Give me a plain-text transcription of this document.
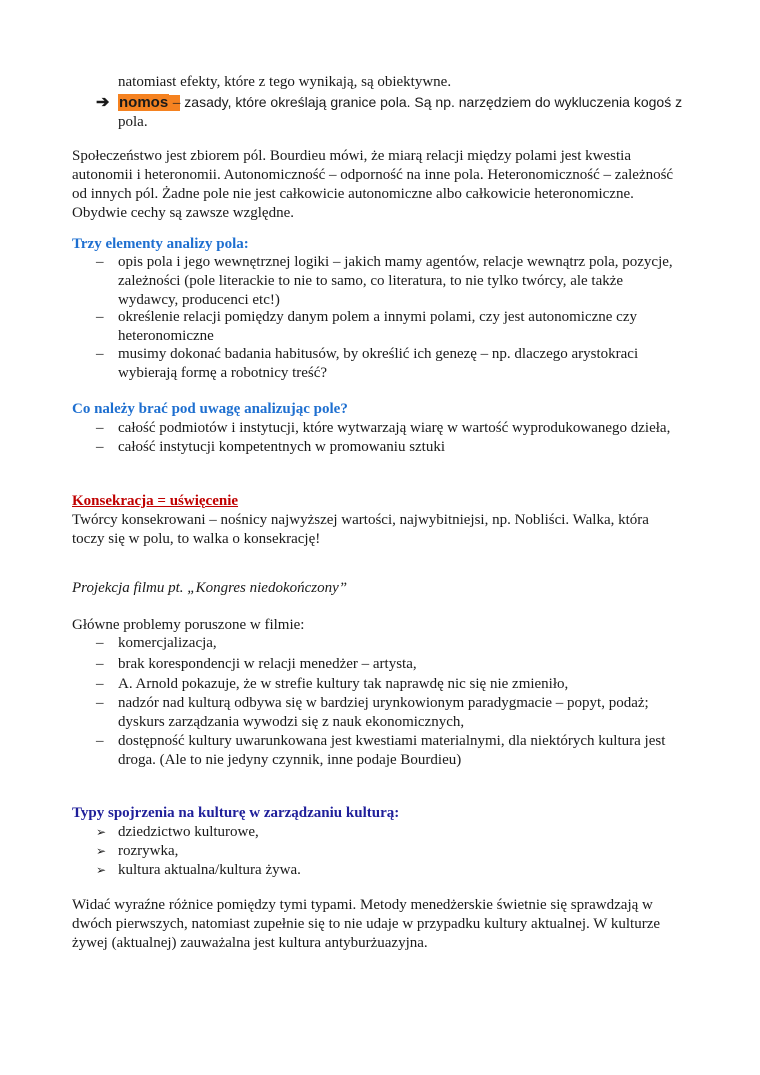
natomiast efekty, które z tego wynikają, są obiektywne.
➔ nomos – zasady, które określają granice pola. Są np. narzędziem do wykluczenia kogoś z
pola.
Społeczeństwo jest zbiorem pól. Bourdieu mówi, że miarą relacji między polami jest kwestia
autonomii i heteronomii. Autonomiczność – odporność na inne pola. Heteronomiczność – zależność
od innych pól. Żadne pole nie jest całkowicie autonomiczne albo całkowicie heteronomiczne.
Obydwie cechy są zawsze względne.
Trzy elementy analizy pola:
– opis pola i jego wewnętrznej logiki – jakich mamy agentów, relacje wewnątrz pola, pozycje,
zależności (pole literackie to nie to samo, co literatura, to nie tylko twórcy, ale także
wydawcy, producenci etc!)
– określenie relacji pomiędzy danym polem a innymi polami, czy jest autonomiczne czy
heteronomiczne
– musimy dokonać badania habitusów, by określić ich genezę – np. dlaczego arystokraci
wybierają formę a robotnicy treść?
Co należy brać pod uwagę analizując pole?
– całość podmiotów i instytucji, które wytwarzają wiarę w wartość wyprodukowanego dzieła,
– całość instytucji kompetentnych w promowaniu sztuki
Konsekracja = uświęcenie
Twórcy konsekrowani – nośnicy najwyższej wartości, najwybitniejsi, np. Nobliści. Walka, która
toczy się w polu, to walka o konsekrację!
Projekcja filmu pt. „Kongres niedokończony”
Główne problemy poruszone w filmie:
– komercjalizacja,
– brak korespondencji w relacji menedżer – artysta,
– A. Arnold pokazuje, że w strefie kultury tak naprawdę nic się nie zmieniło,
– nadzór nad kulturą odbywa się w bardziej urynkowionym paradygmacie – popyt, podaż;
dyskurs zarządzania wywodzi się z nauk ekonomicznych,
– dostępność kultury uwarunkowana jest kwestiami materialnymi, dla niektórych kultura jest
droga. (Ale to nie jedyny czynnik, inne podaje Bourdieu)
Typy spojrzenia na kulturę w zarządzaniu kulturą:
➢ dziedzictwo kulturowe,
➢ rozrywka,
➢ kultura aktualna/kultura żywa.
Widać wyraźne różnice pomiędzy tymi typami. Metody menedżerskie świetnie się sprawdzają w
dwóch pierwszych, natomiast zupełnie się to nie udaje w przypadku kultury aktualnej. W kulturze
żywej (aktualnej) zauważalna jest kultura antyburżuazyjna.
